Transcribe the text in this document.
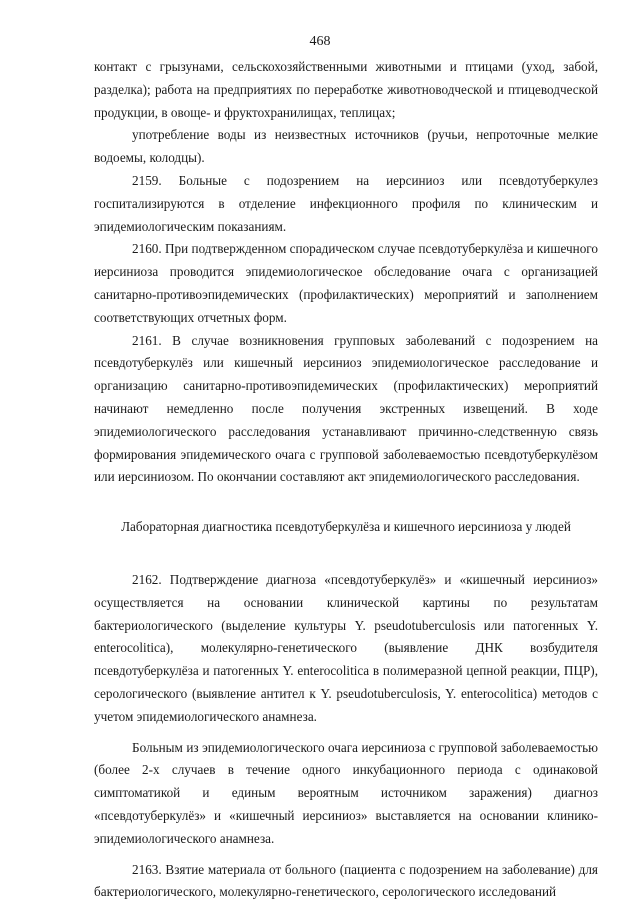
468

контакт с грызунами, сельскохозяйственными животными и птицами (уход, забой, разделка); работа на предприятиях по переработке животноводческой и птицеводческой продукции, в овоще- и фруктохранилищах, теплицах;

употребление воды из неизвестных источников (ручьи, непроточные мелкие водоемы, колодцы).

2159. Больные с подозрением на иерсиниоз или псевдотуберкулез госпитализируются в отделение инфекционного профиля по клиническим и эпидемиологическим показаниям.

2160. При подтвержденном спорадическом случае псевдотуберкулёза и кишечного иерсиниоза проводится эпидемиологическое обследование очага с организацией санитарно-противоэпидемических (профилактических) мероприятий и заполнением соответствующих отчетных форм.

2161. В случае возникновения групповых заболеваний с подозрением на псевдотуберкулёз или кишечный иерсиниоз эпидемиологическое расследование и организацию санитарно-противоэпидемических (профилактических) мероприятий начинают немедленно после получения экстренных извещений. В ходе эпидемиологического расследования устанавливают причинно-следственную связь формирования эпидемического очага с групповой заболеваемостью псевдотуберкулёзом или иерсиниозом. По окончании составляют акт эпидемиологического расследования.

Лабораторная диагностика псевдотуберкулёза и кишечного иерсиниоза у людей

2162. Подтверждение диагноза «псевдотуберкулёз» и «кишечный иерсиниоз» осуществляется на основании клинической картины по результатам бактериологического (выделение культуры Y. pseudotuberculosis или патогенных Y. enterocolitica), молекулярно-генетического (выявление ДНК возбудителя псевдотуберкулёза и патогенных Y. enterocolitica в полимеразной цепной реакции, ПЦР), серологического (выявление антител к Y. pseudotuberculosis, Y. enterocolitica) методов с учетом эпидемиологического анамнеза.

Больным из эпидемиологического очага иерсиниоза с групповой заболеваемостью (более 2-х случаев в течение одного инкубационного периода с одинаковой симптоматикой и единым вероятным источником заражения) диагноз «псевдотуберкулёз» и «кишечный иерсиниоз» выставляется на основании клинико-эпидемиологического анамнеза.

2163. Взятие материала от больного (пациента с подозрением на заболевание) для бактериологического, молекулярно-генетического, серологического исследований
